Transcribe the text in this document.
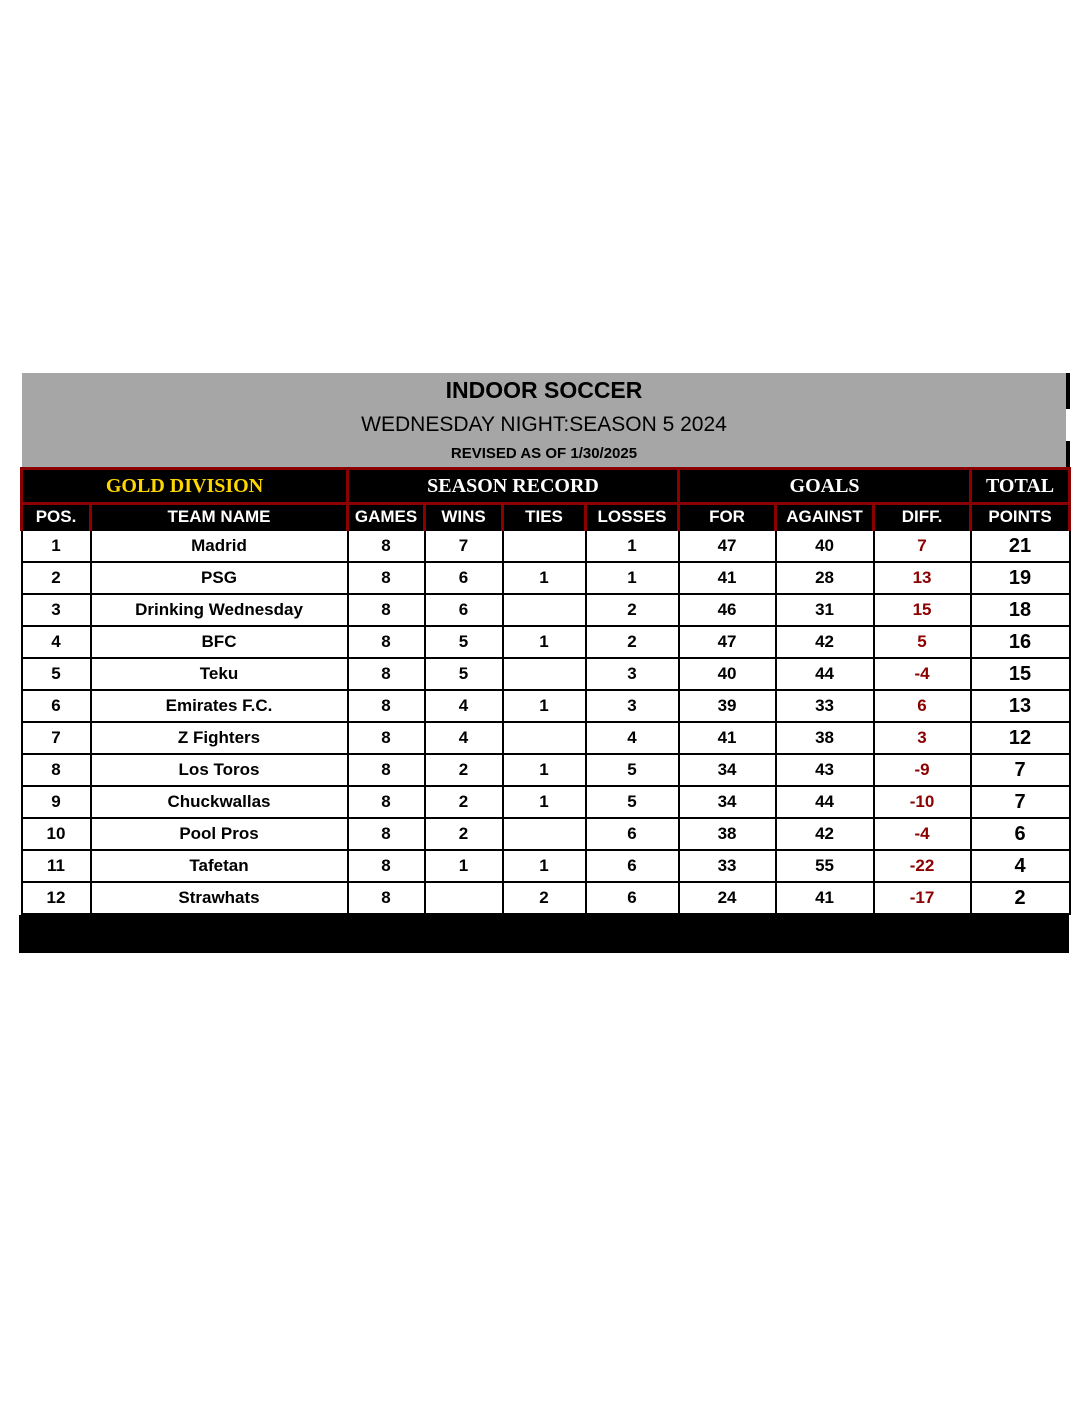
INDOOR SOCCER
WEDNESDAY NIGHT:SEASON 5 2024
REVISED AS OF 1/30/2025
GOLD DIVISION		SEASON RECORD				GOALS			TOTAL
POS.	TEAM NAME	GAMES	WINS	TIES	LOSSES	FOR	AGAINST	DIFF.	POINTS
1	Madrid	8	7		1	47	40	7	21
2	PSG	8	6	1	1	41	28	13	19
3	Drinking Wednesday	8	6		2	46	31	15	18
4	BFC	8	5	1	2	47	42	5	16
5	Teku	8	5		3	40	44	-4	15
6	Emirates F.C.	8	4	1	3	39	33	6	13
7	Z Fighters	8	4		4	41	38	3	12
8	Los Toros	8	2	1	5	34	43	-9	7
9	Chuckwallas	8	2	1	5	34	44	-10	7
10	Pool Pros	8	2		6	38	42	-4	6
11	Tafetan	8	1	1	6	33	55	-22	4
12	Strawhats	8		2	6	24	41	-17	2
